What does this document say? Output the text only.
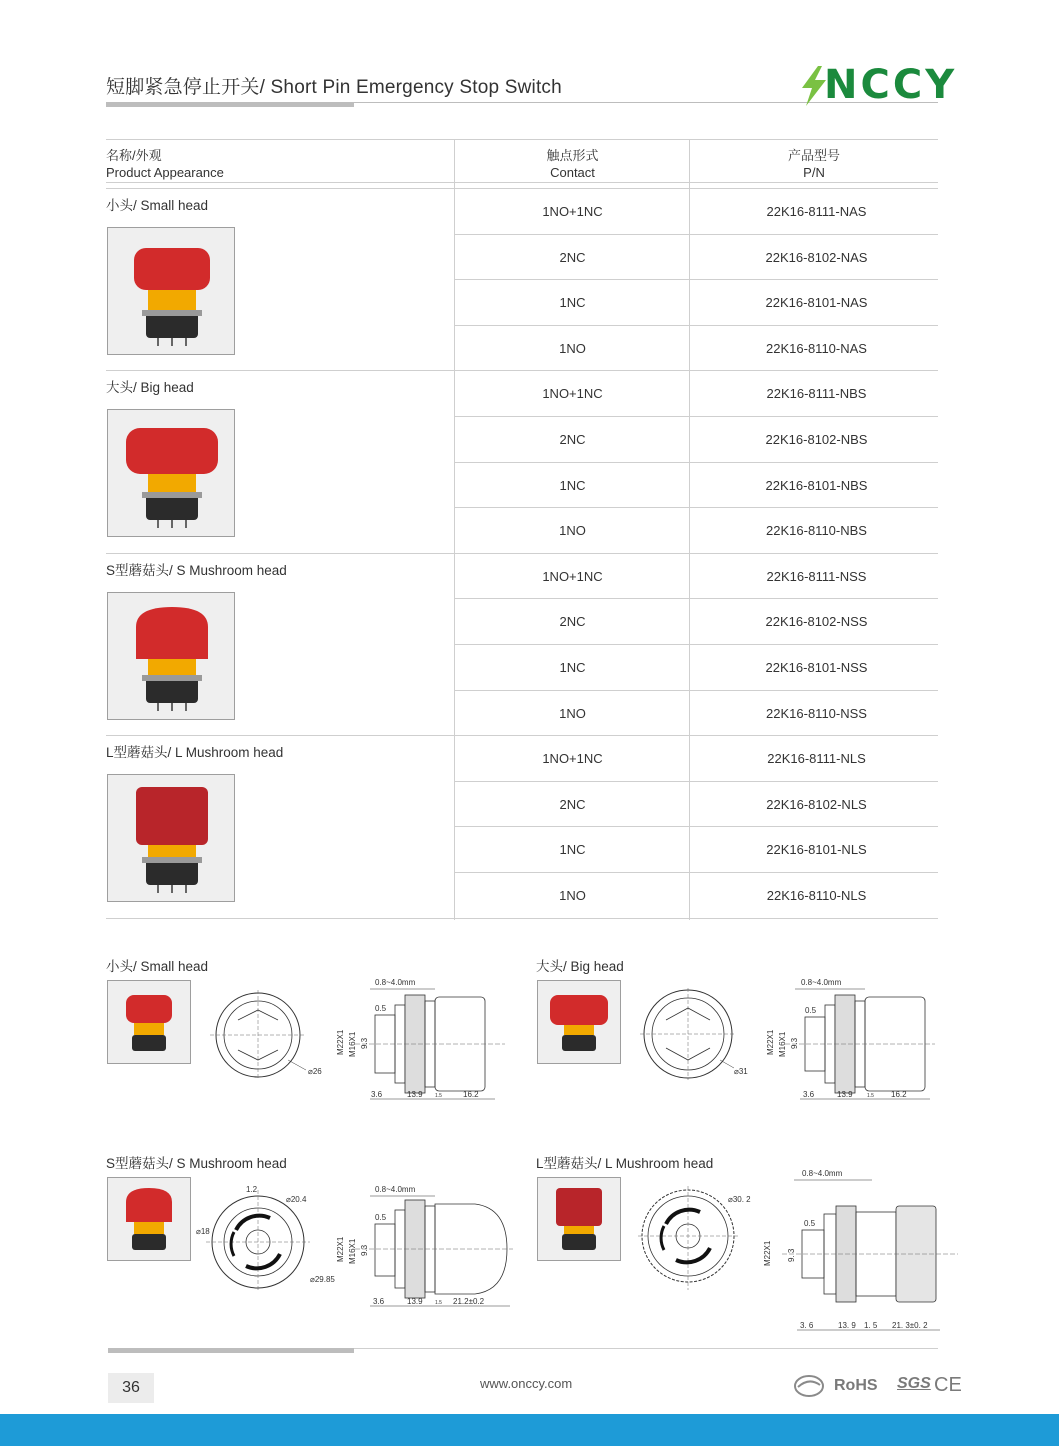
短脚紧急停止开关/ Short Pin Emergency Stop Switch	NCCY
名称/外观
Product Appearance
触点形式
Contact
产品型号
P/N
小头/ Small head	1NO+1NC	22K16-8111-NAS
2NC	22K16-8102-NAS
1NC	22K16-8101-NAS
1NO	22K16-8110-NAS
大头/ Big head	1NO+1NC	22K16-8111-NBS
2NC	22K16-8102-NBS
1NC	22K16-8101-NBS
1NO	22K16-8110-NBS
S型蘑菇头/ S Mushroom head	1NO+1NC	22K16-8111-NSS
2NC	22K16-8102-NSS
1NC	22K16-8101-NSS
1NO	22K16-8110-NSS
L型蘑菇头/ L Mushroom head	1NO+1NC	22K16-8111-NLS
2NC	22K16-8102-NLS
1NC	22K16-8101-NLS
1NO	22K16-8110-NLS
小头/ Small head
⌀26
0.8~4.0mm
0.5
M22X1 M16X1 9.3
3.6	13.9 1.5	16.2
大头/ Big head
⌀31
0.8~4.0mm
0.5
M22X1 M16X1 9.3
3.6	13.9	1.5 16.2
S型蘑菇头/ S Mushroom head
1.2
⌀20.4
⌀18
⌀29.85
0.8~4.0mm
0.5
M22X1 M16X1 9.3
3.6	13.9 1.5 21.2±0.2
L型蘑菇头/ L Mushroom head
⌀30. 2
0.8~4.0mm
0.5
M22X1 9. 3
3. 6	13. 9 1. 5 21. 3±0. 2
36	www.onccy.com	RoHS SGS CE
